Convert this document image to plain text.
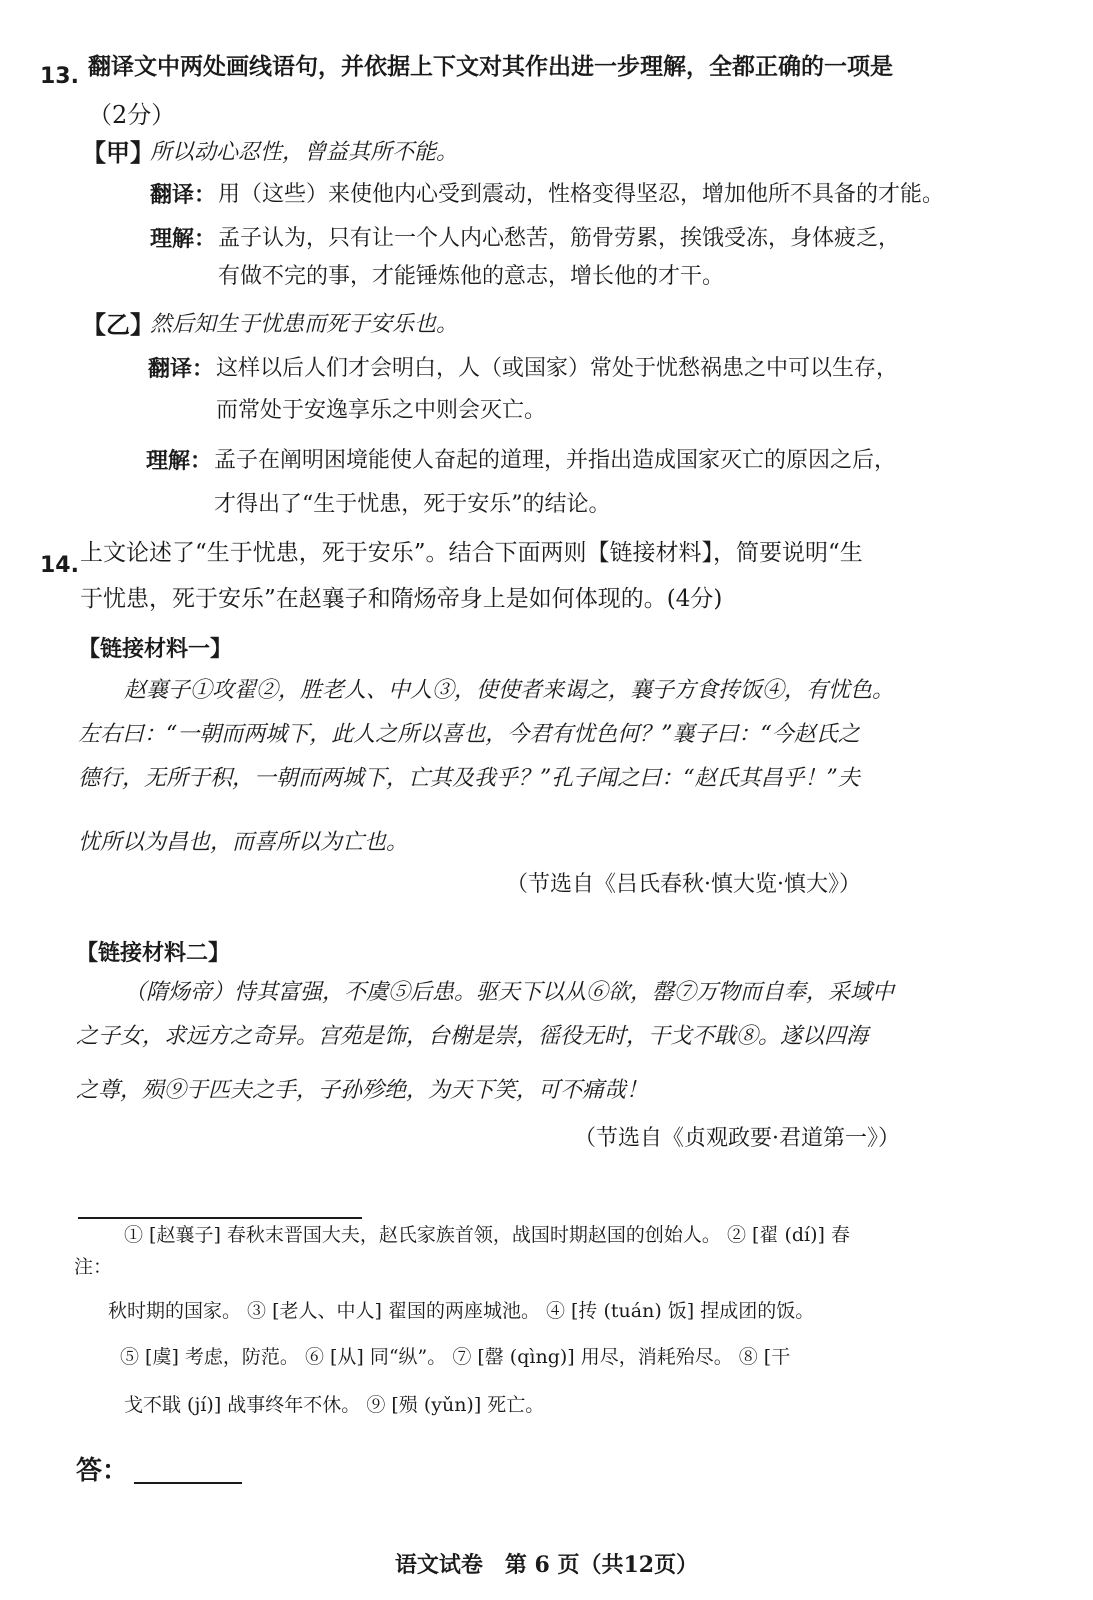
13. 翻译文中两处画线语句，并依据上下文对其作出进一步理解，全都正确的一项是
（2分）
【甲】
所以动心忍性，曾益其所不能。
翻译： 用（这些）来使他内心受到震动，性格变得坚忍，增加他所不具备的才能。
理解： 孟子认为，只有让一个人内心愁苦，筋骨劳累，挨饿受冻，身体疲乏，
有做不完的事，才能锤炼他的意志，增长他的才干。
【乙】
然后知生于忧患而死于安乐也。
翻译： 这样以后人们才会明白，人（或国家）常处于忧愁祸患之中可以生存，
而常处于安逸享乐之中则会灭亡。
理解： 孟子在阐明困境能使人奋起的道理，并指出造成国家灭亡的原因之后，
才得出了“生于忧患，死于安乐”的结论。
14. 上文论述了“生于忧患，死于安乐”。结合下面两则【链接材料】，简要说明“生
于忧患，死于安乐”在赵襄子和隋炀帝身上是如何体现的。(4分)
【链接材料一】
赵襄子①攻翟②，胜老人、中人③，使使者来谒之，襄子方食抟饭④，有忧色。
左右曰：“一朝而两城下，此人之所以喜也，今君有忧色何？”襄子曰：“今赵氏之
德行，无所于积，一朝而两城下，亡其及我乎？”孔子闻之曰：“赵氏其昌乎！”夫
忧所以为昌也，而喜所以为亡也。
（节选自《吕氏春秋·慎大览·慎大》）
【链接材料二】
（隋炀帝）恃其富强，不虞⑤后患。驱天下以从⑥欲，罄⑦万物而自奉，采域中
之子女，求远方之奇异。宫苑是饰，台榭是崇，徭役无时，干戈不戢⑧。遂以四海
之尊，殒⑨于匹夫之手，子孙殄绝，为天下笑，可不痛哉！
（节选自《贞观政要·君道第一》）
注：
① [赵襄子] 春秋末晋国大夫，赵氏家族首领，战国时期赵国的创始人。 ② [翟 (dí)] 春
秋时期的国家。 ③ [老人、中人] 翟国的两座城池。 ④ [抟 (tuán) 饭] 捏成团的饭。
⑤ [虞] 考虑，防范。 ⑥ [从] 同“纵”。 ⑦ [罄 (qìng)] 用尽，消耗殆尽。 ⑧ [干
戈不戢 (jí)] 战事终年不休。 ⑨ [殒 (yǔn)] 死亡。
答：
语文试卷　第 6 页（共12页）
